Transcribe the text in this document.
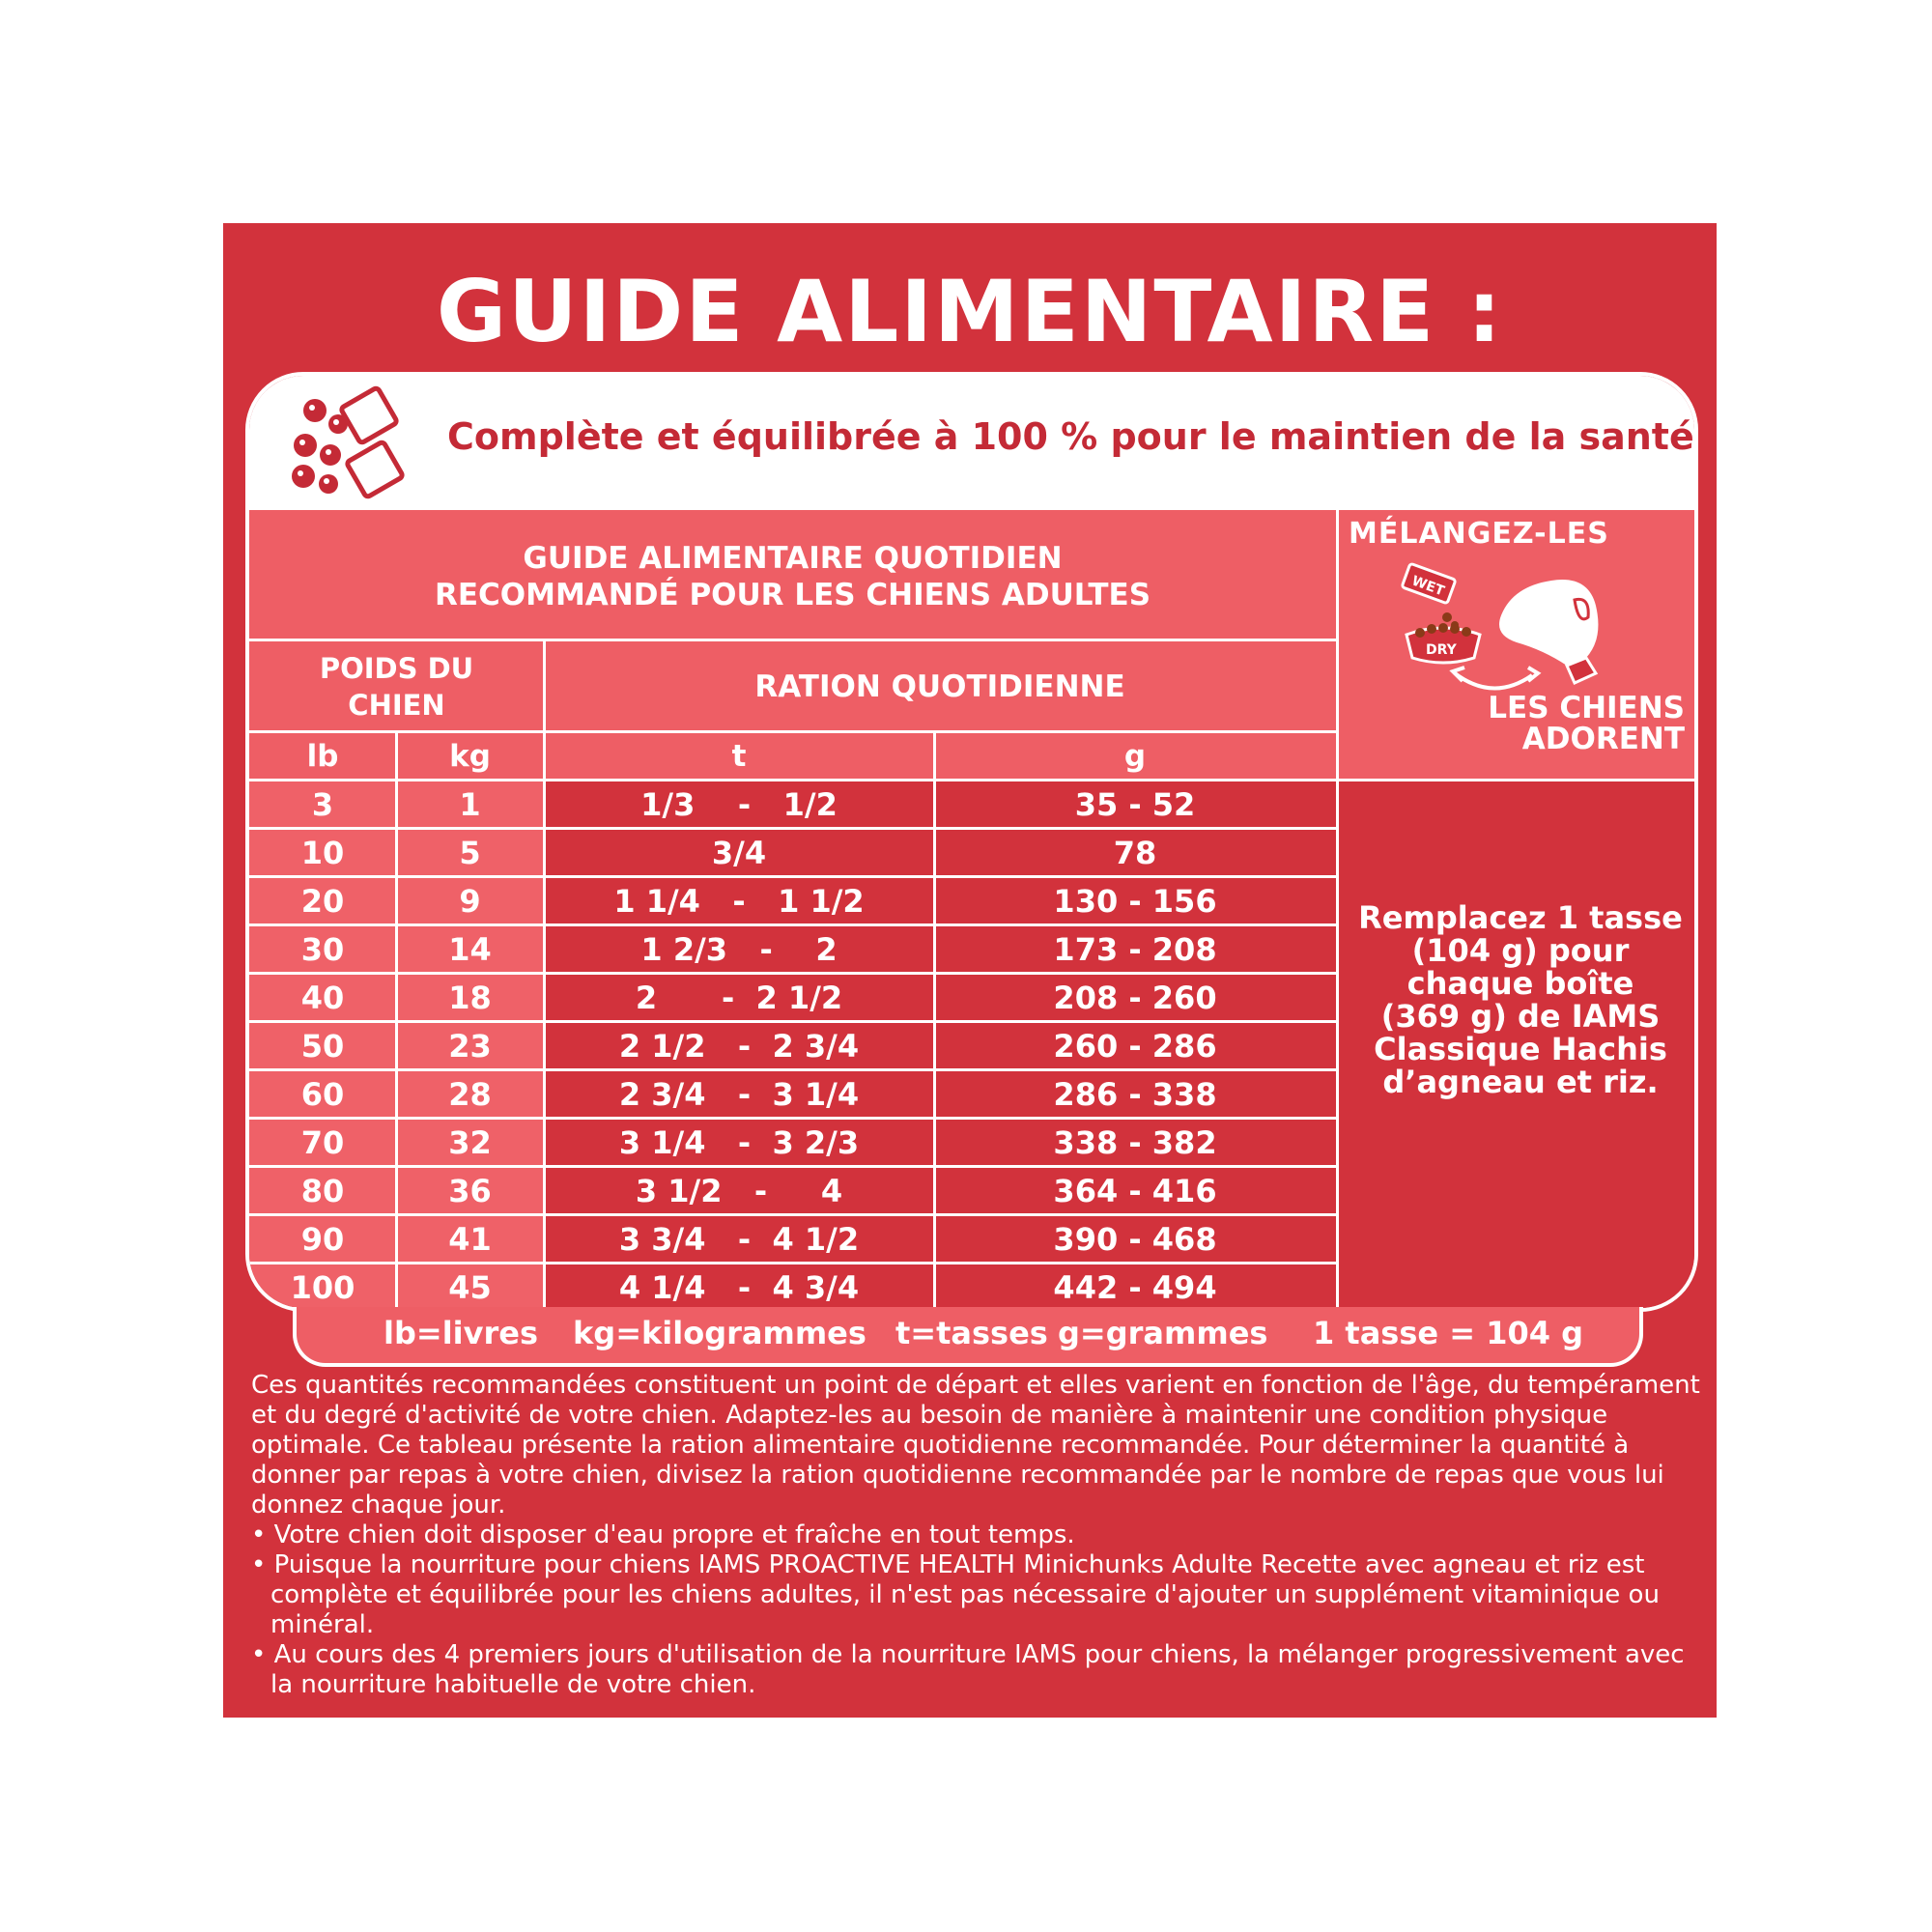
GUIDE ALIMENTAIRE :
Complète et équilibrée à 100 % pour le maintien de la santé
GUIDE ALIMENTAIRE QUOTIDIEN
RECOMMANDÉ POUR LES CHIENS ADULTES
POIDS DU
CHIEN
RATION QUOTIDIENNE
lb	kg	t	g
3	1	1/3    -   1/2	35 - 52
10	5	3/4	78
20	9	1 1/4   -   1 1/2	130 - 156
30	14	1 2/3   -    2	173 - 208
40	18	2      -  2 1/2	208 - 260
50	23	2 1/2   -  2 3/4	260 - 286
60	28	2 3/4   -  3 1/4	286 - 338
70	32	3 1/4   -  3 2/3	338 - 382
80	36	3 1/2   -     4	364 - 416
90	41	3 3/4   -  4 1/2	390 - 468
100	45	4 1/4   -  4 3/4	442 - 494
MÉLANGEZ-LES
WET
DRY
LES CHIENS
ADORENT
Remplacez 1 tasse
(104 g) pour
chaque boîte
(369 g) de IAMS
Classique Hachis
d’agneau et riz.
lb=livres kg=kilogrammes t=tasses g=grammes 1 tasse = 104 g

Ces quantités recommandées constituent un point de départ et elles varient en fonction de l'âge, du tempérament et du degré d'activité de votre chien. Adaptez-les au besoin de manière à maintenir une condition physique optimale. Ce tableau présente la ration alimentaire quotidienne recommandée. Pour déterminer la quantité à donner par repas à votre chien, divisez la ration quotidienne recommandée par le nombre de repas que vous lui donnez chaque jour.

• Votre chien doit disposer d'eau propre et fraîche en tout temps.

• Puisque la nourriture pour chiens IAMS PROACTIVE HEALTH Minichunks Adulte Recette avec agneau et riz est complète et équilibrée pour les chiens adultes, il n'est pas nécessaire d'ajouter un supplément vitaminique ou minéral.

• Au cours des 4 premiers jours d'utilisation de la nourriture IAMS pour chiens, la mélanger progressivement avec la nourriture habituelle de votre chien.
